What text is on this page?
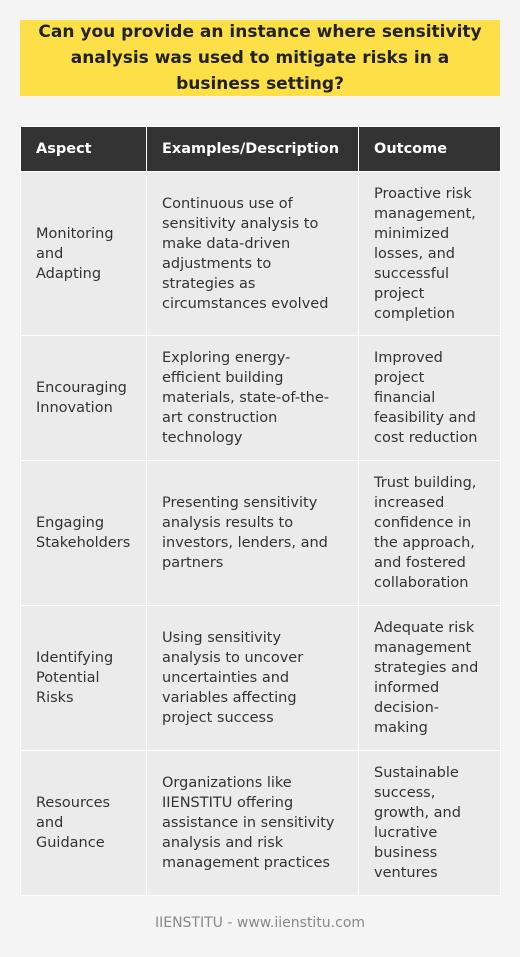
Can you provide an instance where sensitivity analysis was used to mitigate risks in a business setting?
Aspect	Examples/Description	Outcome
Monitoring and Adapting	Continuous use of sensitivity analysis to make data-driven adjustments to strategies as circumstances evolved	Proactive risk management, minimized losses, and successful project completion
Encouraging Innovation	Exploring energy-efficient building materials, state-of-the-art construction technology	Improved project financial feasibility and cost reduction
Engaging Stakeholders	Presenting sensitivity analysis results to investors, lenders, and partners	Trust building, increased confidence in the approach, and fostered collaboration
Identifying Potential Risks	Using sensitivity analysis to uncover uncertainties and variables affecting project success	Adequate risk management strategies and informed decision-making
Resources and Guidance	Organizations like IIENSTITU offering assistance in sensitivity analysis and risk management practices	Sustainable success, growth, and lucrative business ventures
IIENSTITU - www.iienstitu.com
